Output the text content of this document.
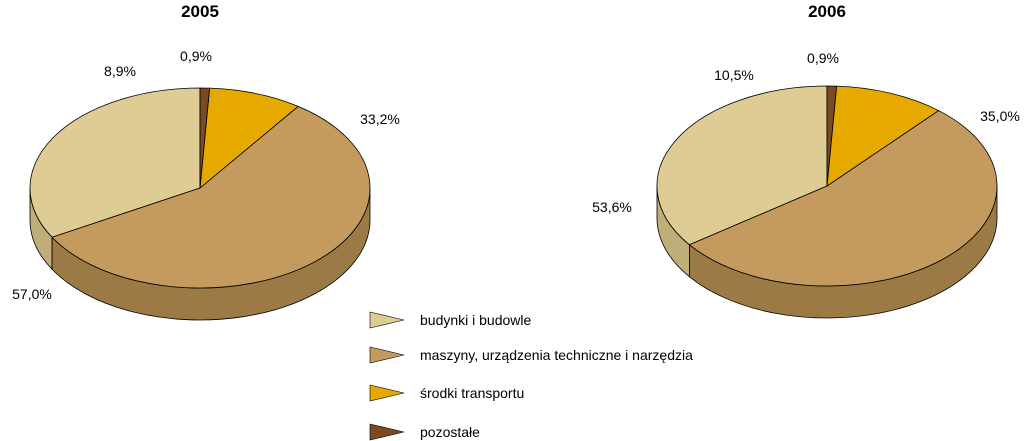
33,2%
57,0%
8,9%
0,9%
35,0%
53,6%
10,5%
0,9%
2005	2006
budynki i budowle
maszyny, urządzenia techniczne i narzędzia
środki transportu
pozostałe
